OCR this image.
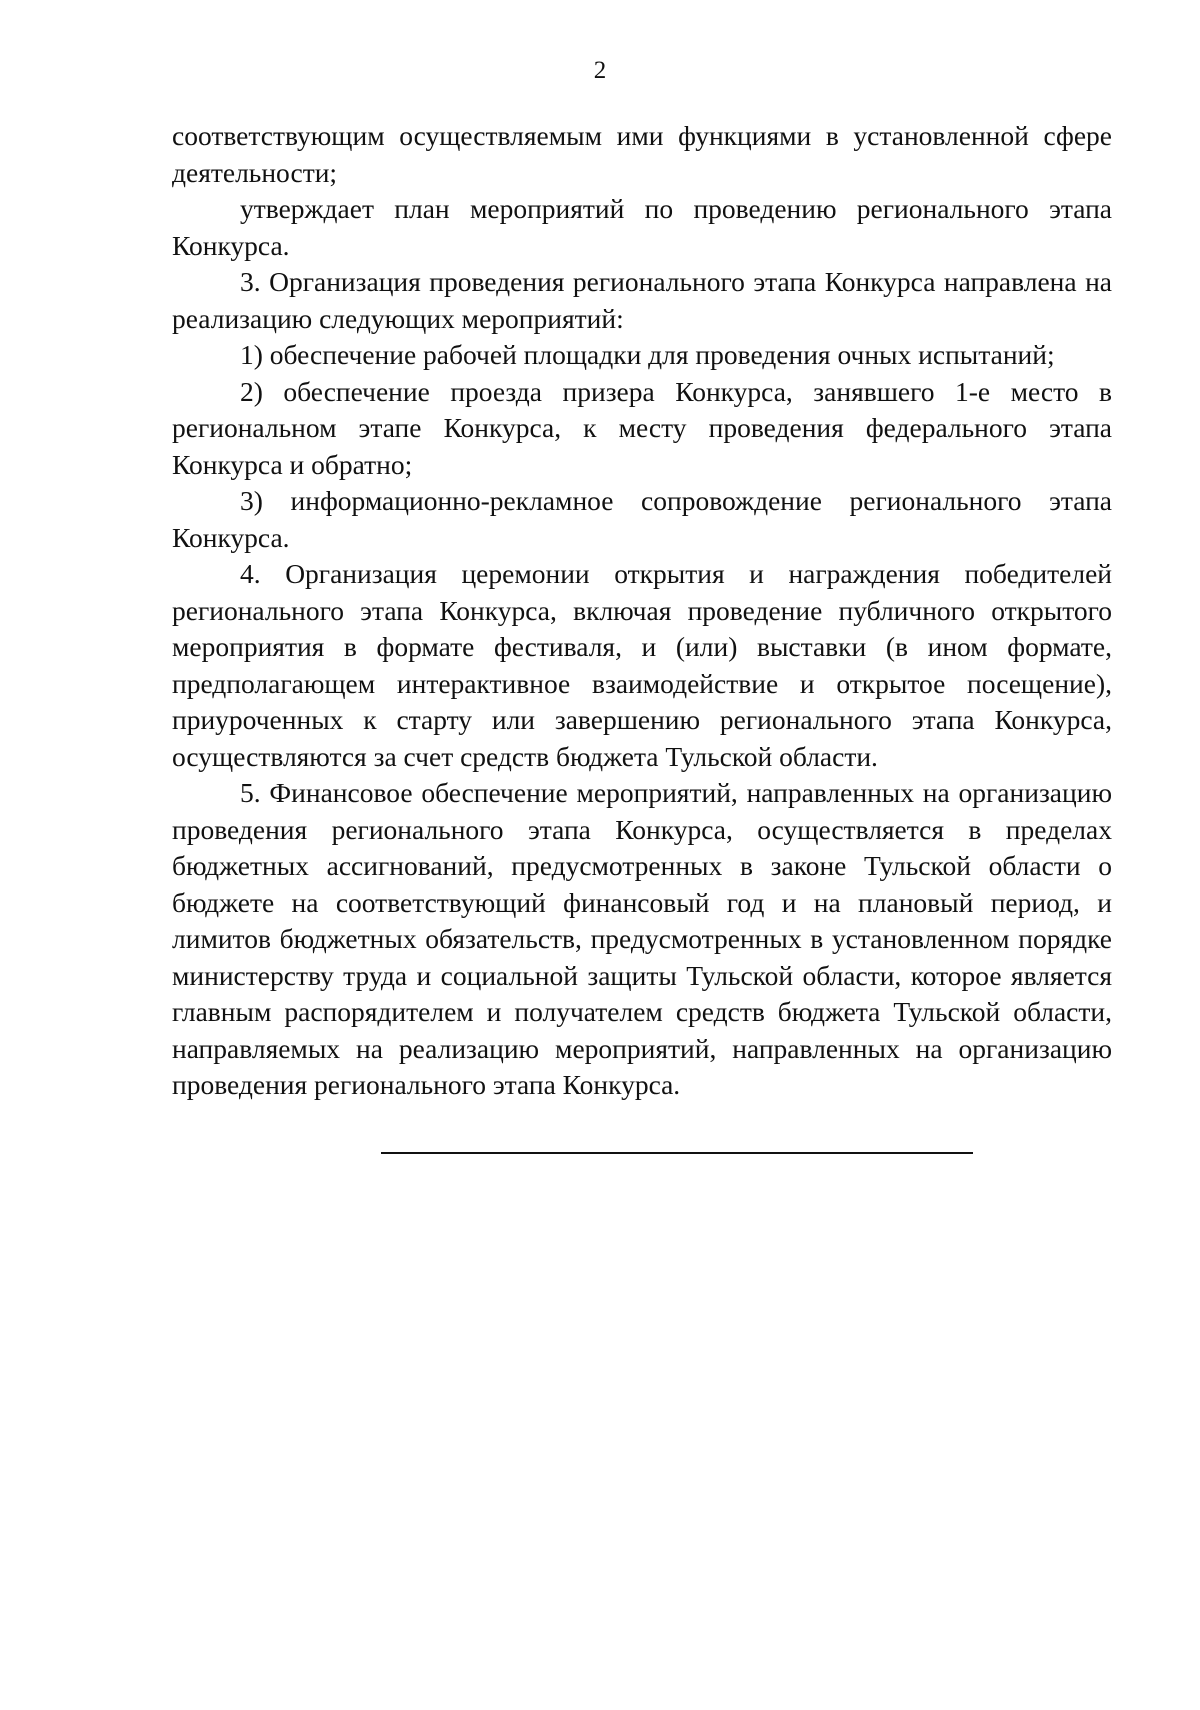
2

соответствующим осуществляемым ими функциями в установленной сфере деятельности;

утверждает план мероприятий по проведению регионального этапа Конкурса.

3. Организация проведения регионального этапа Конкурса направлена на реализацию следующих мероприятий:

1) обеспечение рабочей площадки для проведения очных испытаний;

2) обеспечение проезда призера Конкурса, занявшего 1-е место в региональном этапе Конкурса, к месту проведения федерального этапа Конкурса и обратно;

3) информационно-рекламное сопровождение регионального этапа Конкурса.

4. Организация церемонии открытия и награждения победителей регионального этапа Конкурса, включая проведение публичного открытого мероприятия в формате фестиваля, и (или) выставки (в ином формате, предполагающем интерактивное взаимодействие и открытое посещение), приуроченных к старту или завершению регионального этапа Конкурса, осуществляются за счет средств бюджета Тульской области.

5. Финансовое обеспечение мероприятий, направленных на организацию проведения регионального этапа Конкурса, осуществляется в пределах бюджетных ассигнований, предусмотренных в законе Тульской области о бюджете на соответствующий финансовый год и на плановый период, и лимитов бюджетных обязательств, предусмотренных в установленном порядке министерству труда и социальной защиты Тульской области, которое является главным распорядителем и получателем средств бюджета Тульской области, направляемых на реализацию мероприятий, направленных на организацию проведения регионального этапа Конкурса.
